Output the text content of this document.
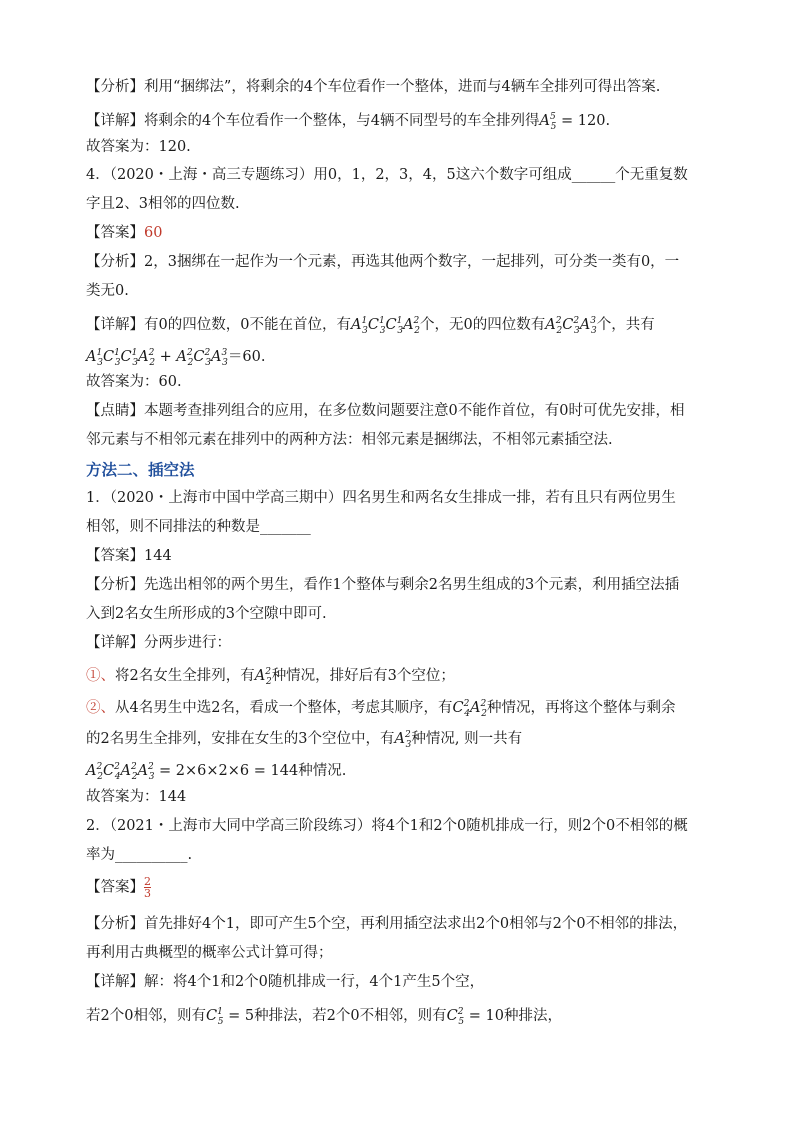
【分析】利用“捆绑法”，将剩余的4个车位看作一个整体，进而与4辆车全排列可得出答案.
【详解】将剩余的4个车位看作一个整体，与4辆不同型号的车全排列得$A^5_5 = 120$.
故答案为：120.
4．（2020・上海・高三专题练习）用0，1，2，3，4，5这六个数字可组成______个无重复数
字且2、3相邻的四位数.
【答案】60
【分析】2，3捆绑在一起作为一个元素，再选其他两个数字，一起排列，可分类一类有0，一
类无0.
【详解】有0的四位数，0不能在首位，有$A^1_3C^1_3C^1_3A^2_2$个，无0的四位数有$A^2_2C^2_3A^3_3$个，共有
$A^1_3C^1_3C^1_3A^2_2 + A^2_2C^2_3A^3_3=60$.
故答案为：60.
【点睛】本题考查排列组合的应用，在多位数问题要注意0不能作首位，有0时可优先安排，相
邻元素与不相邻元素在排列中的两种方法：相邻元素是捆绑法，不相邻元素插空法.
方法二、插空法
1．（2020・上海市中国中学高三期中）四名男生和两名女生排成一排，若有且只有两位男生
相邻，则不同排法的种数是_______
【答案】144
【分析】先选出相邻的两个男生，看作1个整体与剩余2名男生组成的3个元素，利用插空法插
入到2名女生所形成的3个空隙中即可.
【详解】分两步进行：
①、将2名女生全排列，有$A^2_2$种情况，排好后有3个空位；
②、从4名男生中选2名，看成一个整体，考虑其顺序，有$C^2_4A^2_2$种情况，再将这个整体与剩余
的2名男生全排列，安排在女生的3个空位中，有$A^2_3$种情况, 则一共有
$A^2_2C^2_4A^2_2A^2_3 = 2\times 6\times 2\times 6 = 144$种情况.
故答案为：144
2．（2021・上海市大同中学高三阶段练习）将4个1和2个0随机排成一行，则2个0不相邻的概
率为__________.
【答案】 $\frac{2}{3}$
【分析】首先排好4个1，即可产生5个空，再利用插空法求出2个0相邻与2个0不相邻的排法，
再利用古典概型的概率公式计算可得；
【详解】解：将4个1和2个0随机排成一行，4个1产生5个空，
若2个0相邻，则有$C^1_5 = 5$种排法，若2个0不相邻，则有$C^2_5 = 10$种排法，
